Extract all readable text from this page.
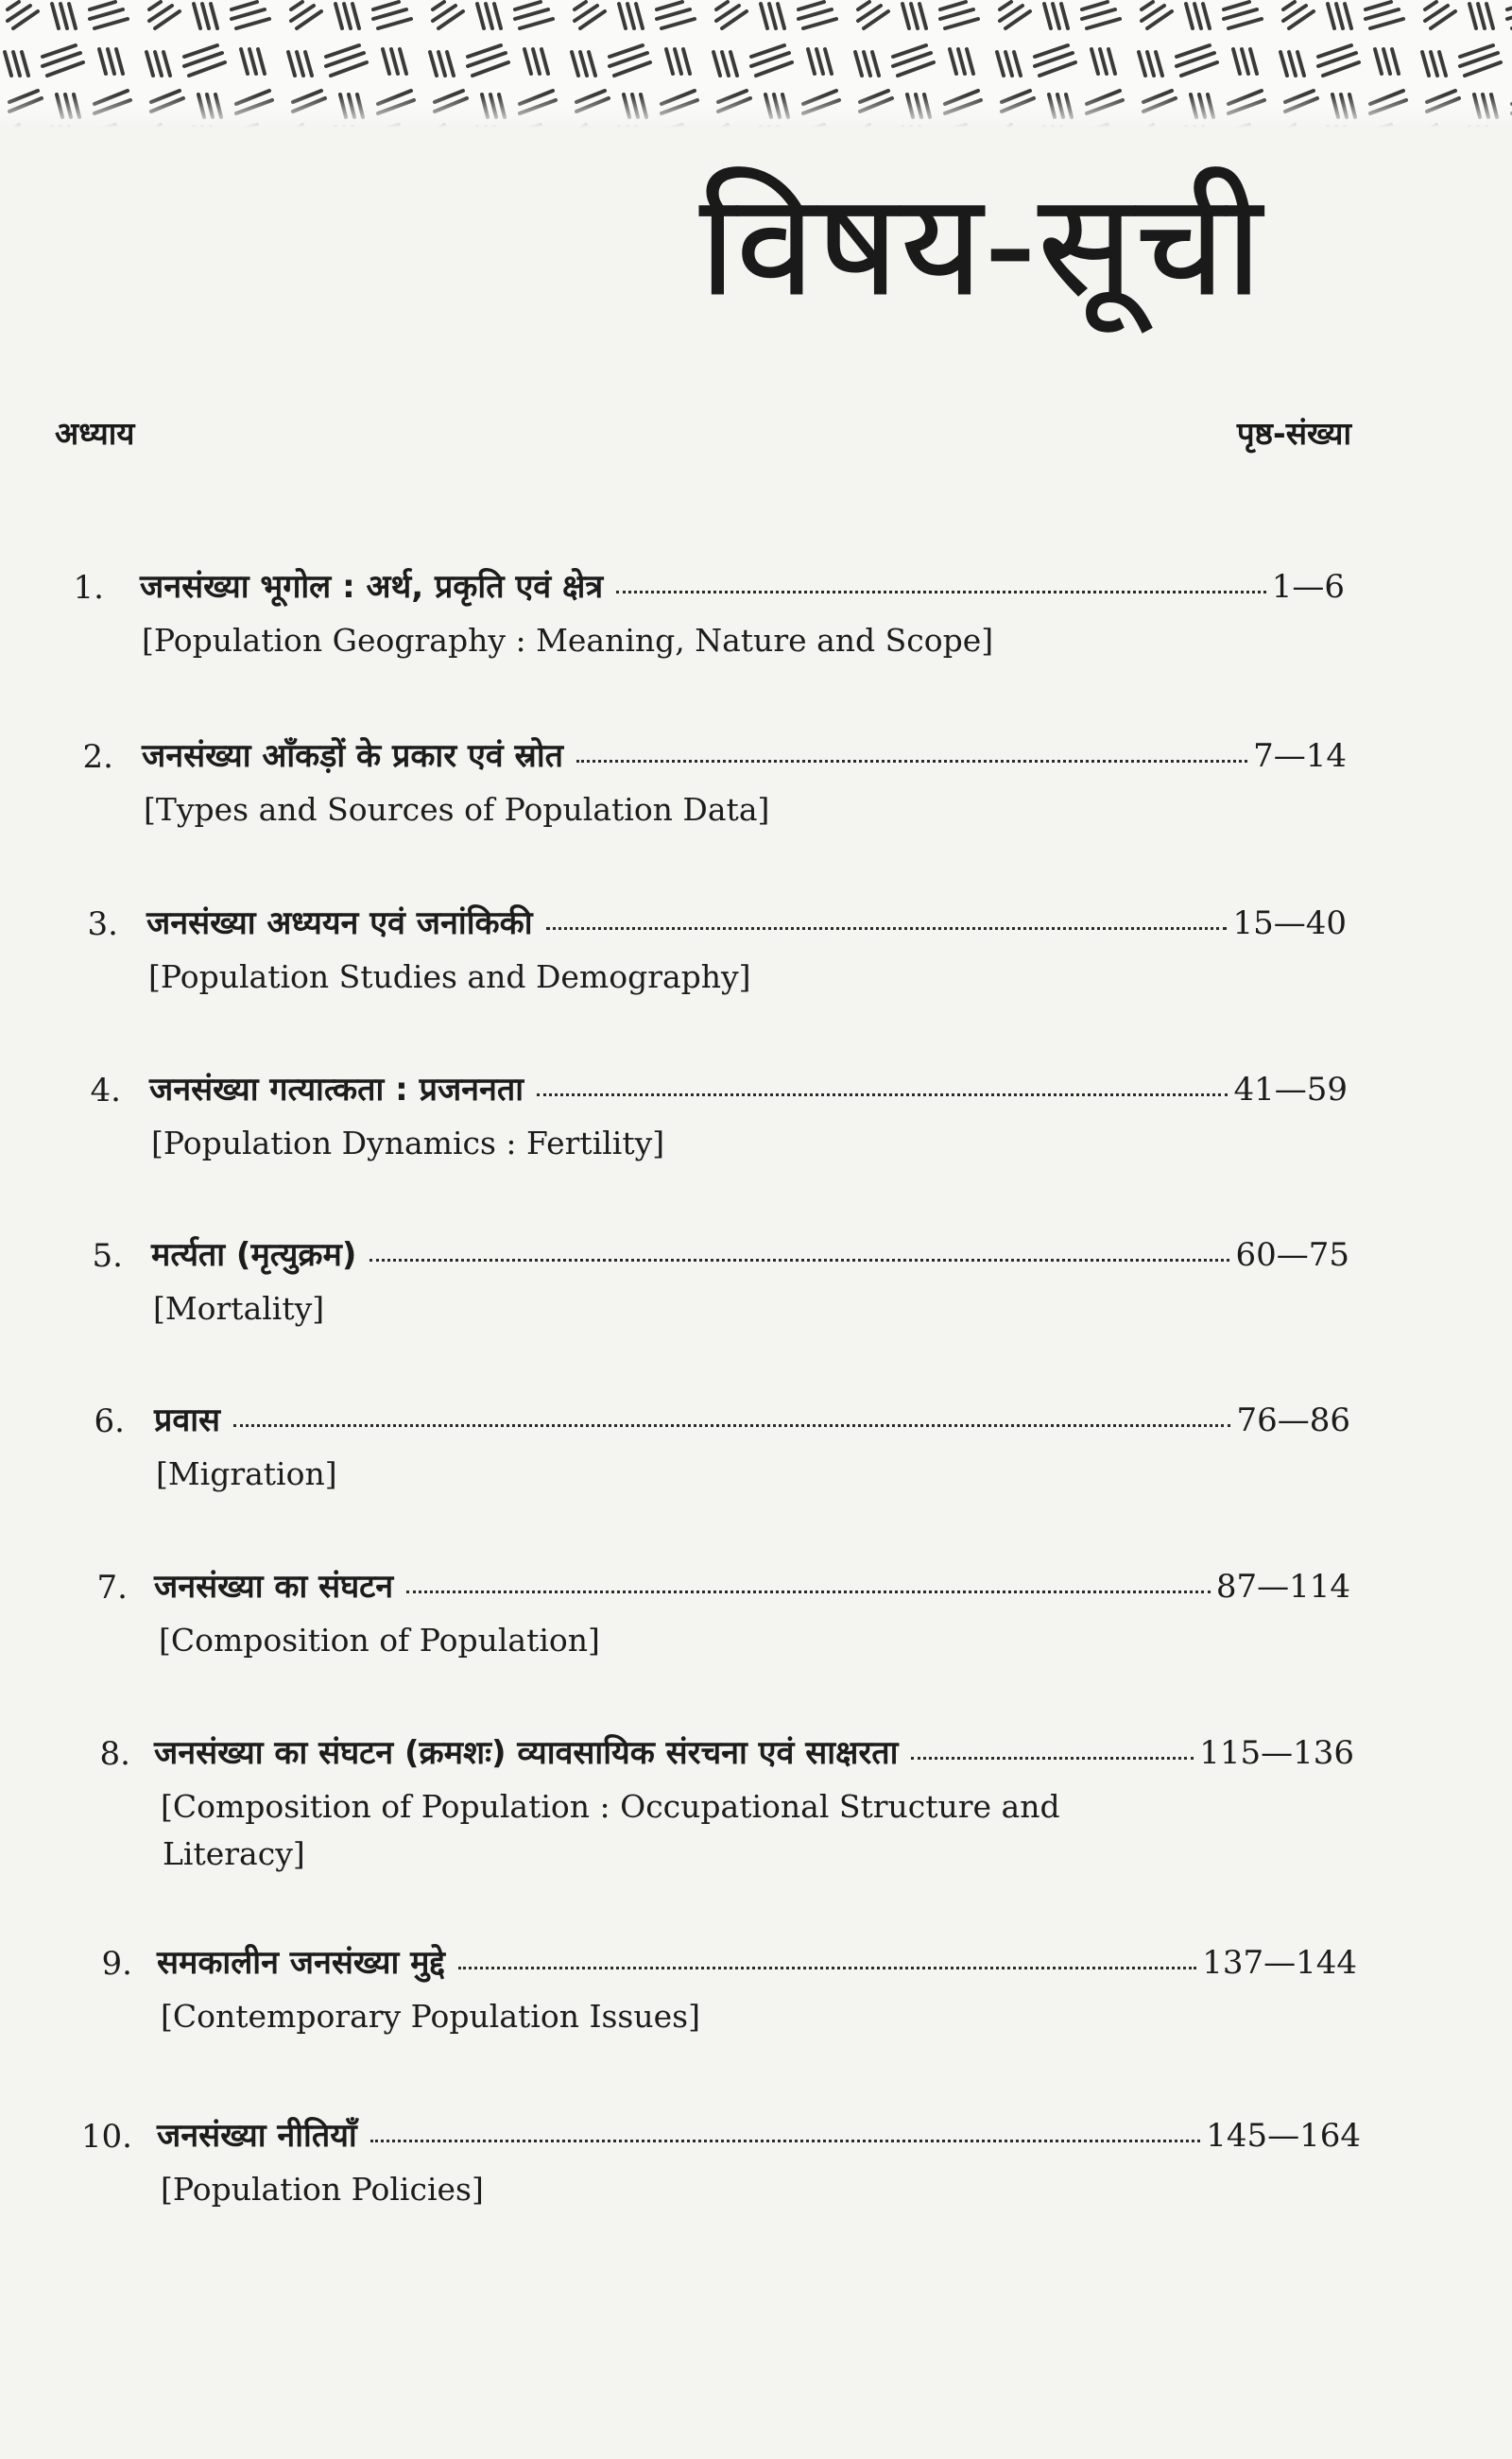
विषय-सूची
अध्याय	पृष्ठ-संख्या
1. जनसंख्या भूगोल : अर्थ, प्रकृति एवं क्षेत्र	1—6
[Population Geography : Meaning, Nature and Scope]
2. जनसंख्या आँकड़ों के प्रकार एवं स्रोत	7—14
[Types and Sources of Population Data]
3. जनसंख्या अध्ययन एवं जनांकिकी	15—40
[Population Studies and Demography]
4. जनसंख्या गत्यात्कता : प्रजननता	41—59
[Population Dynamics : Fertility]
5. मर्त्यता (मृत्युक्रम)	60—75
[Mortality]
6. प्रवास	76—86
[Migration]
7. जनसंख्या का संघटन	87—114
[Composition of Population]
8. जनसंख्या का संघटन (क्रमशः) व्यावसायिक संरचना एवं साक्षरता	115—136
[Composition of Population : Occupational Structure and
Literacy]
9. समकालीन जनसंख्या मुद्दे	137—144
[Contemporary Population Issues]
10. जनसंख्या नीतियाँ	145—164
[Population Policies]
